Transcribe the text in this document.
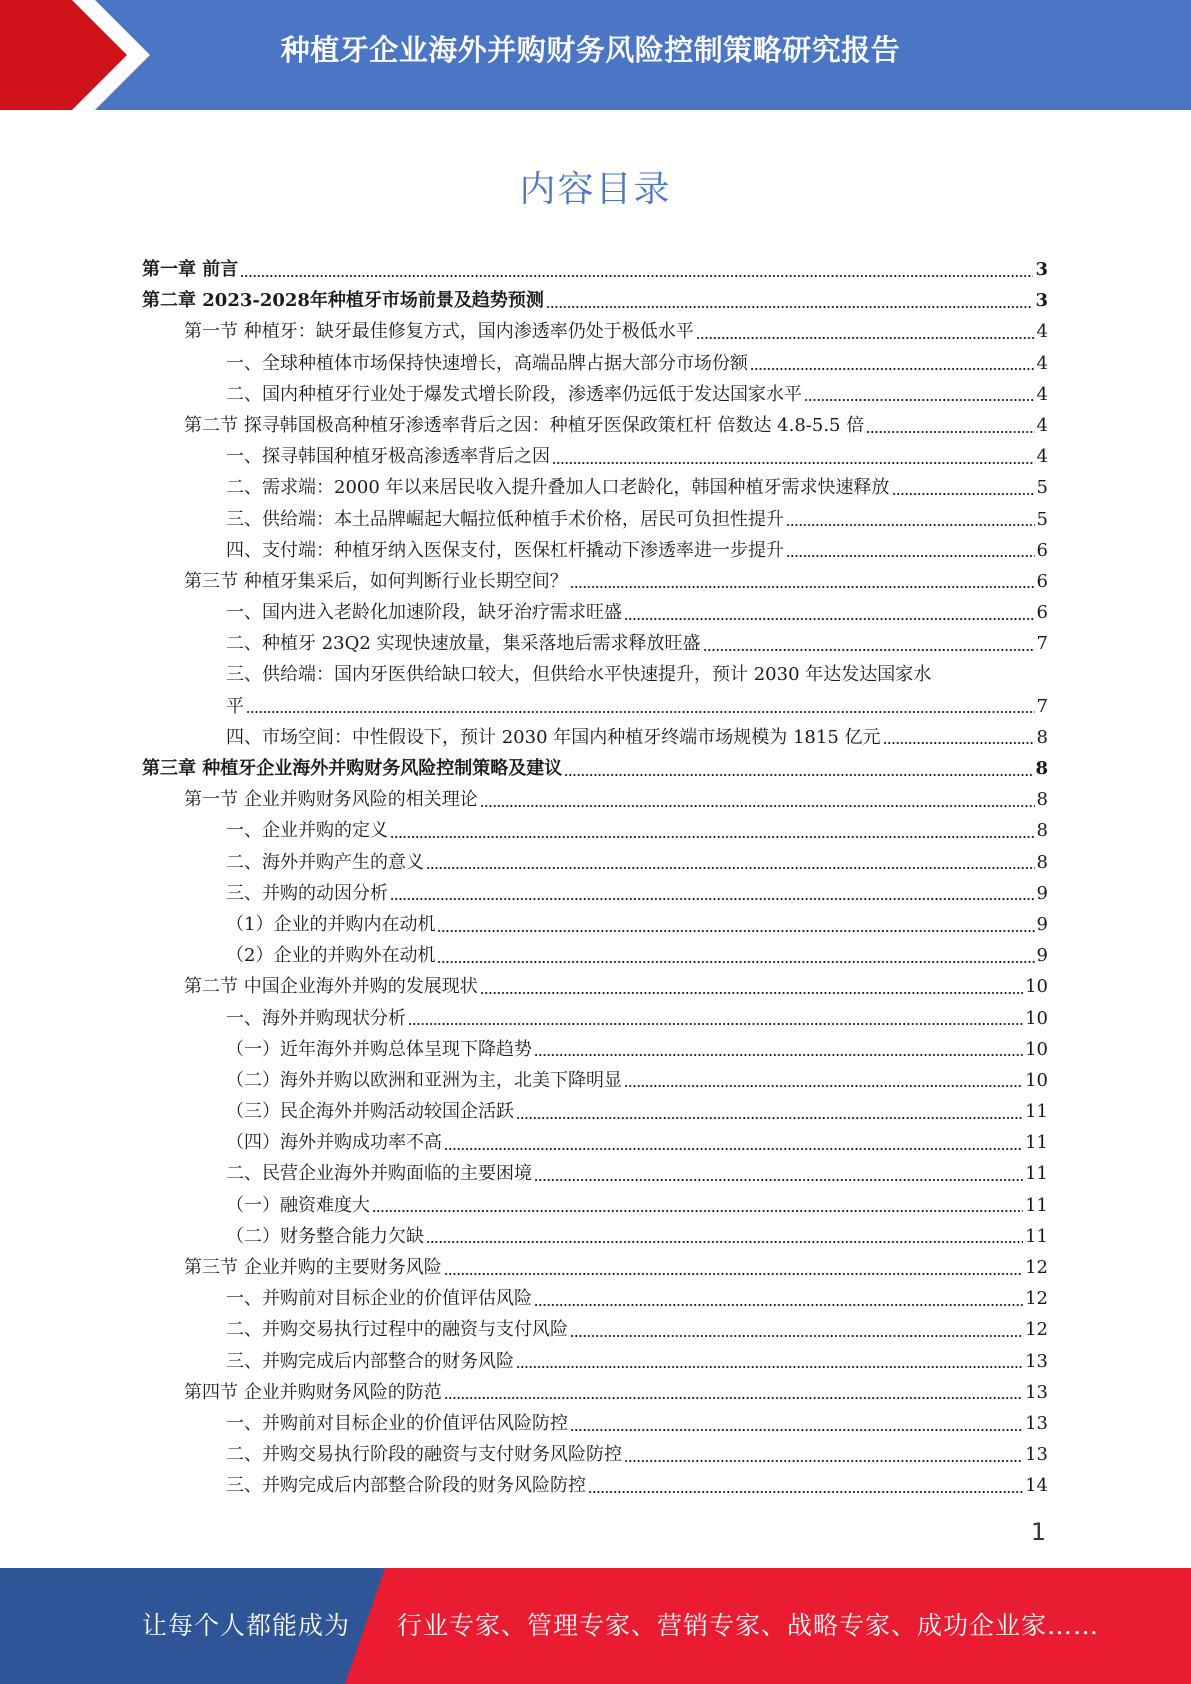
种植牙企业海外并购财务风险控制策略研究报告
内容目录
第一章 前言	3
第二章 2023-2028年种植牙市场前景及趋势预测	3
第一节 种植牙：缺牙最佳修复方式，国内渗透率仍处于极低水平	4
一、全球种植体市场保持快速增长，高端品牌占据大部分市场份额	4
二、国内种植牙行业处于爆发式增长阶段，渗透率仍远低于发达国家水平	4
第二节 探寻韩国极高种植牙渗透率背后之因：种植牙医保政策杠杆 倍数达 4.8-5.5 倍	4
一、探寻韩国种植牙极高渗透率背后之因	4
二、需求端：2000 年以来居民收入提升叠加人口老龄化，韩国种植牙需求快速释放	5
三、供给端：本土品牌崛起大幅拉低种植手术价格，居民可负担性提升	5
四、支付端：种植牙纳入医保支付，医保杠杆撬动下渗透率进一步提升	6
第三节 种植牙集采后，如何判断行业长期空间？	6
一、国内进入老龄化加速阶段，缺牙治疗需求旺盛	6
二、种植牙 23Q2 实现快速放量，集采落地后需求释放旺盛	7
三、供给端：国内牙医供给缺口较大，但供给水平快速提升，预计 2030 年达发达国家水
平	7
四、市场空间：中性假设下，预计 2030 年国内种植牙终端市场规模为 1815 亿元	8
第三章 种植牙企业海外并购财务风险控制策略及建议	8
第一节 企业并购财务风险的相关理论	8
一、企业并购的定义	8
二、海外并购产生的意义	8
三、并购的动因分析	9
（1）企业的并购内在动机	9
（2）企业的并购外在动机	9
第二节 中国企业海外并购的发展现状	10
一、海外并购现状分析	10
（一）近年海外并购总体呈现下降趋势	10
（二）海外并购以欧洲和亚洲为主，北美下降明显	10
（三）民企海外并购活动较国企活跃	11
（四）海外并购成功率不高	11
二、民营企业海外并购面临的主要困境	11
（一）融资难度大	11
（二）财务整合能力欠缺	11
第三节 企业并购的主要财务风险	12
一、并购前对目标企业的价值评估风险	12
二、并购交易执行过程中的融资与支付风险	12
三、并购完成后内部整合的财务风险	13
第四节 企业并购财务风险的防范	13
一、并购前对目标企业的价值评估风险防控	13
二、并购交易执行阶段的融资与支付财务风险防控	13
三、并购完成后内部整合阶段的财务风险防控	14
1
让每个人都能成为 行业专家、管理专家、营销专家、战略专家、成功企业家……
